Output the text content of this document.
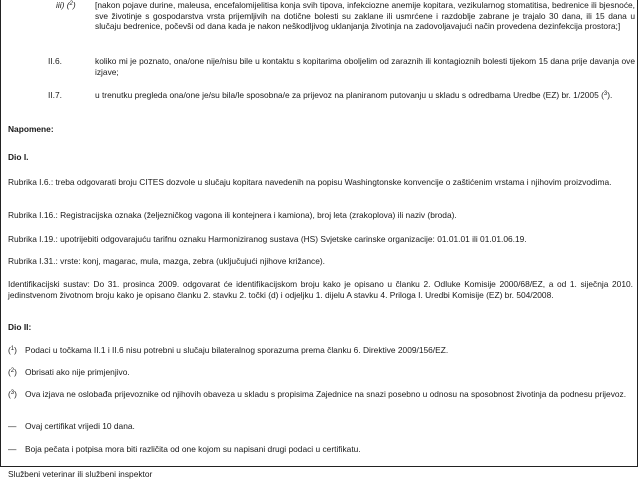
iii) ($^2$) [nakon pojave durine, maleusa, encefalomijelitisa konja svih tipova, infekciozne anemije kopitara, vezikularnog stomatitisa, bedrenice ili bjesnoće, sve životinje s gospodarstva vrsta prijemljivih na dotične bolesti su zaklane ili usmrćene i razdoblje zabrane je trajalo 30 dana, ili 15 dana u slučaju bedrenice, počevši od dana kada je nakon neškodljivog uklanjanja životinja na zadovoljavajući način provedena dezinfekcija prostora;]
II.6.	koliko mi je poznato, ona/one nije/nisu bile u kontaktu s kopitarima oboljelim od zaraznih ili kontagioznih bolesti tijekom 15 dana prije davanja ove izjave;
II.7.	u trenutku pregleda ona/one je/su bila/le sposobna/e za prijevoz na planiranom putovanju u skladu s odredbama Uredbe (EZ) br. 1/2005 ($^3$).
Napomene:
Dio I.
Rubrika I.6.: treba odgovarati broju CITES dozvole u slučaju kopitara navedenih na popisu Washingtonske konvencije o zaštićenim vrstama i njihovim proizvodima.
Rubrika I.16.: Registracijska oznaka (željezničkog vagona ili kontejnera i kamiona), broj leta (zrakoplova) ili naziv (broda).
Rubrika I.19.: upotrijebiti odgovarajuću tarifnu oznaku Harmoniziranog sustava (HS) Svjetske carinske organizacije: 01.01.01 ili 01.01.06.19.
Rubrika I.31.: vrste: konj, magarac, mula, mazga, zebra (uključujući njihove križance).
Identifikacijski sustav: Do 31. prosinca 2009. odgovarat će identifikacijskom broju kako je opisano u članku 2. Odluke Komisije 2000/68/EZ, a od 1. siječnja 2010. jedinstvenom životnom broju kako je opisano članku 2. stavku 2. točki (d) i odjeljku 1. dijelu A stavku 4. Priloga I. Uredbi Komisije (EZ) br. 504/2008.
Dio II:
($^1$) Podaci u točkama II.1 i II.6 nisu potrebni u slučaju bilateralnog sporazuma prema članku 6. Direktive 2009/156/EZ.
($^2$) Obrisati ako nije primjenjivo.
($^3$) Ova izjava ne oslobađa prijevoznike od njihovih obaveza u skladu s propisima Zajednice na snazi posebno u odnosu na sposobnost životinja da podnesu prijevoz.
— Ovaj certifikat vrijedi 10 dana.
— Boja pečata i potpisa mora biti različita od one kojom su napisani drugi podaci u certifikatu.
Službeni veterinar ili službeni inspektor
